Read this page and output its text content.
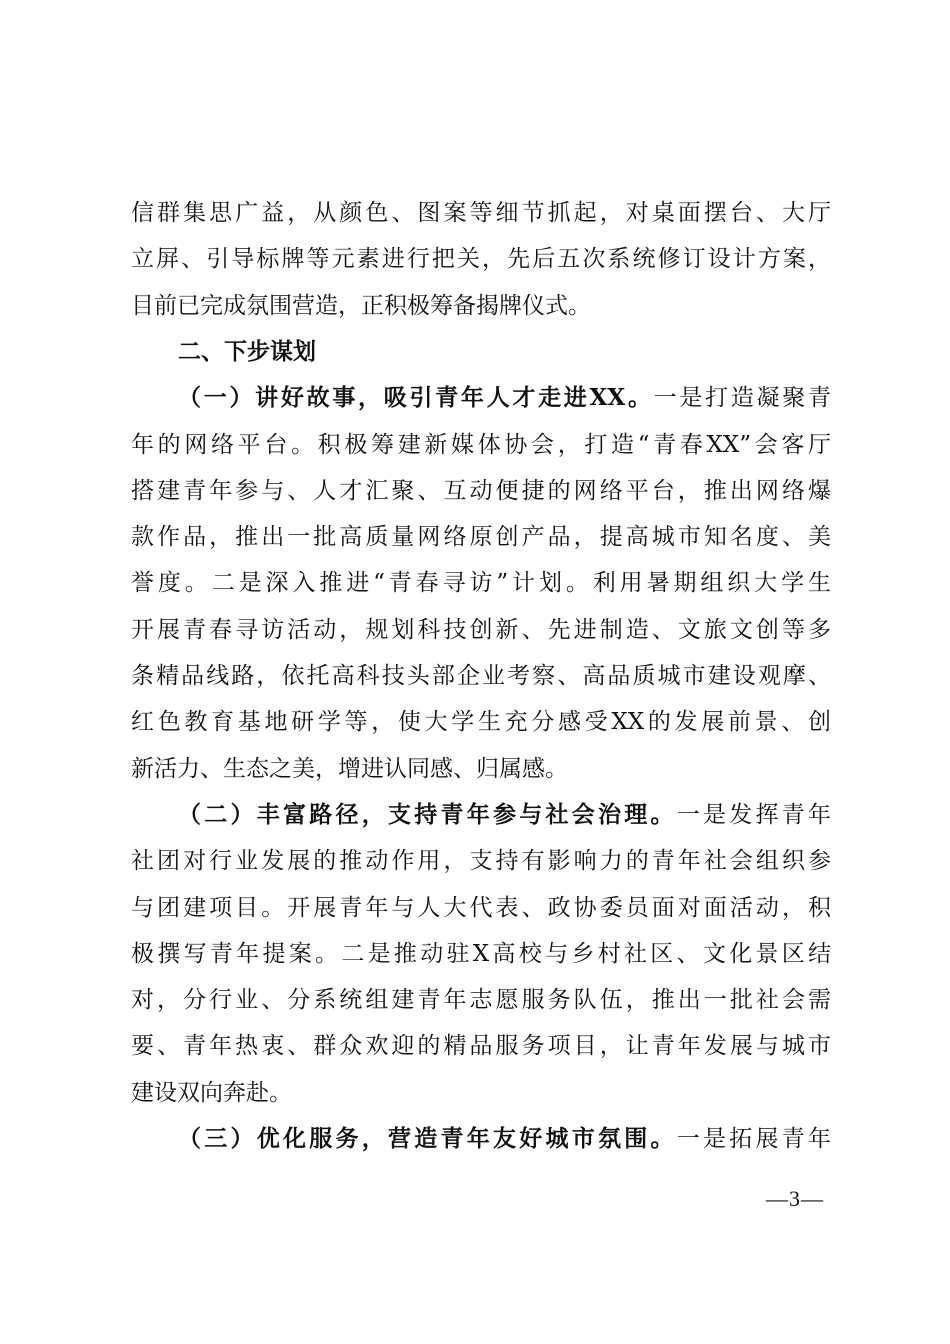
信群集思广益，从颜色、图案等细节抓起，对桌面摆台、大厅
立屏、引导标牌等元素进行把关，先后五次系统修订设计方案，
目前已完成氛围营造，正积极筹备揭牌仪式。
二、下步谋划
（一）讲好故事，吸引青年人才走进XX。一是打造凝聚青
年的网络平台。积极筹建新媒体协会，打造“青春XX”会客厅
搭建青年参与、人才汇聚、互动便捷的网络平台，推出网络爆
款作品，推出一批高质量网络原创产品，提高城市知名度、美
誉度。二是深入推进“青春寻访”计划。利用暑期组织大学生
开展青春寻访活动，规划科技创新、先进制造、文旅文创等多
条精品线路，依托高科技头部企业考察、高品质城市建设观摩、
红色教育基地研学等，使大学生充分感受XX的发展前景、创
新活力、生态之美，增进认同感、归属感。
（二）丰富路径，支持青年参与社会治理。一是发挥青年
社团对行业发展的推动作用，支持有影响力的青年社会组织参
与团建项目。开展青年与人大代表、政协委员面对面活动，积
极撰写青年提案。二是推动驻X高校与乡村社区、文化景区结
对，分行业、分系统组建青年志愿服务队伍，推出一批社会需
要、青年热衷、群众欢迎的精品服务项目，让青年发展与城市
建设双向奔赴。
（三）优化服务，营造青年友好城市氛围。一是拓展青年
—3—
